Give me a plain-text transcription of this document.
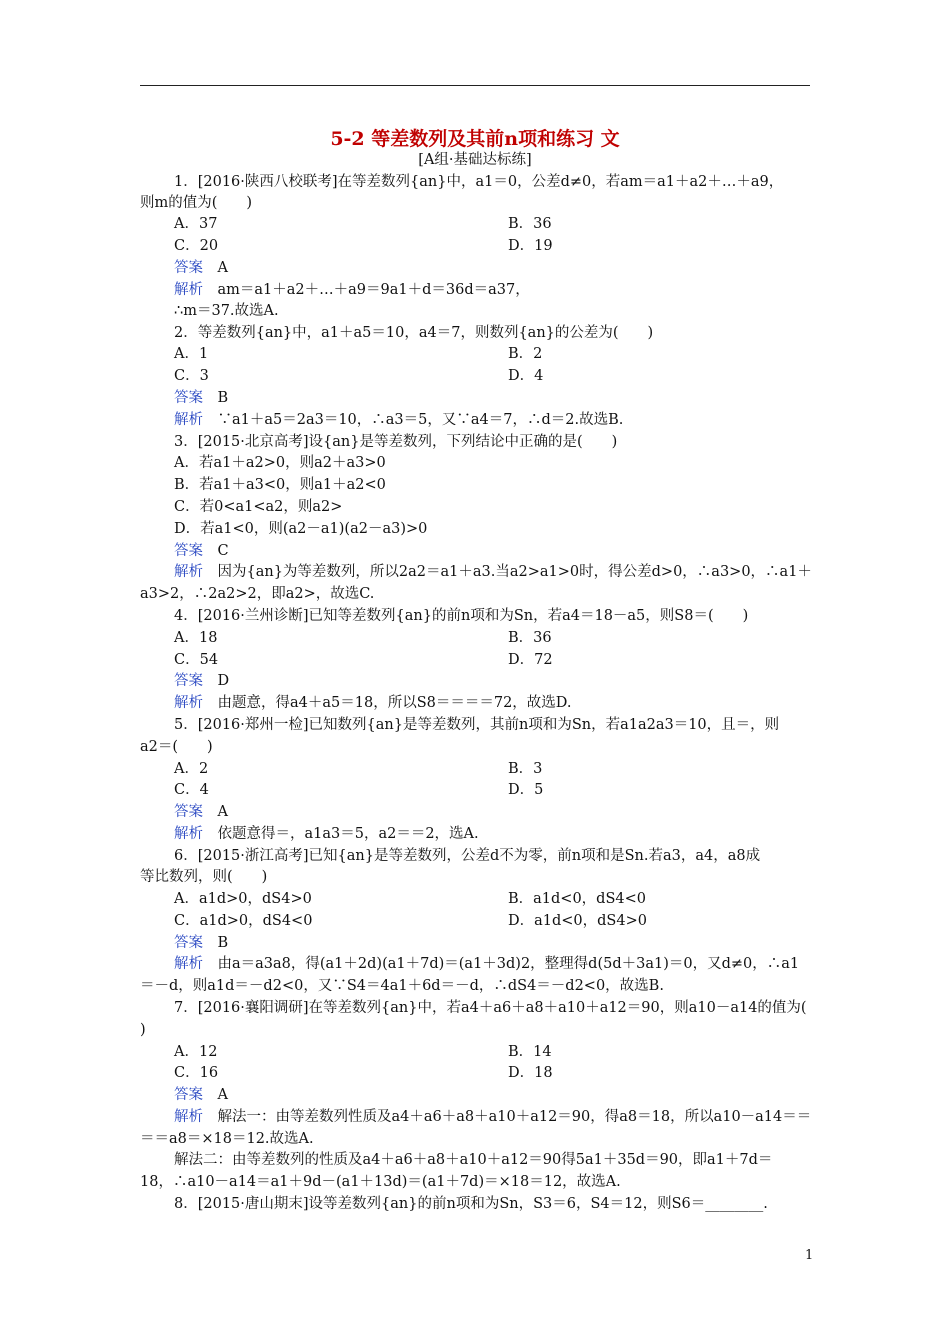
5-2 等差数列及其前n项和练习 文
[A组·基础达标练]
1．[2016·陕西八校联考]在等差数列{an}中，a1＝0，公差d≠0，若am＝a1＋a2＋…＋a9，
则m的值为(　　)
A．37	B．36
C．20	D．19
答案　A
解析　am＝a1＋a2＋…＋a9＝9a1＋d＝36d＝a37，
∴m＝37.故选A.
2．等差数列{an}中，a1＋a5＝10，a4＝7，则数列{an}的公差为(　　)
A．1	B．2
C．3	D．4
答案　B
解析　∵a1＋a5＝2a3＝10，∴a3＝5，又∵a4＝7，∴d＝2.故选B.
3．[2015·北京高考]设{an}是等差数列，下列结论中正确的是(　　)
A．若a1＋a2>0，则a2＋a3>0
B．若a1＋a3<0，则a1＋a2<0
C．若0<a1<a2，则a2>
D．若a1<0，则(a2－a1)(a2－a3)>0
答案　C
解析　因为{an}为等差数列，所以2a2＝a1＋a3.当a2>a1>0时，得公差d>0，∴a3>0，∴a1＋
a3>2，∴2a2>2，即a2>，故选C.
4．[2016·兰州诊断]已知等差数列{an}的前n项和为Sn，若a4＝18－a5，则S8＝(　　)
A．18	B．36
C．54	D．72
答案　D
解析　由题意，得a4＋a5＝18，所以S8＝＝＝＝72，故选D.
5．[2016·郑州一检]已知数列{an}是等差数列，其前n项和为Sn，若a1a2a3＝10，且＝，则
a2＝(　　)
A．2	B．3
C．4	D．5
答案　A
解析　依题意得＝，a1a3＝5，a2＝＝2，选A.
6．[2015·浙江高考]已知{an}是等差数列，公差d不为零，前n项和是Sn.若a3，a4，a8成
等比数列，则(　　)
A．a1d>0，dS4>0	B．a1d<0，dS4<0
C．a1d>0，dS4<0	D．a1d<0，dS4>0
答案　B
解析　由a＝a3a8，得(a1＋2d)(a1＋7d)＝(a1＋3d)2，整理得d(5d＋3a1)＝0，又d≠0，∴a1
＝－d，则a1d＝－d2<0，又∵S4＝4a1＋6d＝－d，∴dS4＝－d2<0，故选B.
7．[2016·襄阳调研]在等差数列{an}中，若a4＋a6＋a8＋a10＋a12＝90，则a10－a14的值为(
)
A．12	B．14
C．16	D．18
答案　A
解析　解法一：由等差数列性质及a4＋a6＋a8＋a10＋a12＝90，得a8＝18，所以a10－a14＝＝
＝＝a8＝×18＝12.故选A.
解法二：由等差数列的性质及a4＋a6＋a8＋a10＋a12＝90得5a1＋35d＝90，即a1＋7d＝
18，∴a10－a14＝a1＋9d－(a1＋13d)＝(a1＋7d)＝×18＝12，故选A.
8．[2015·唐山期末]设等差数列{an}的前n项和为Sn，S3＝6，S4＝12，则S6＝________.
1
